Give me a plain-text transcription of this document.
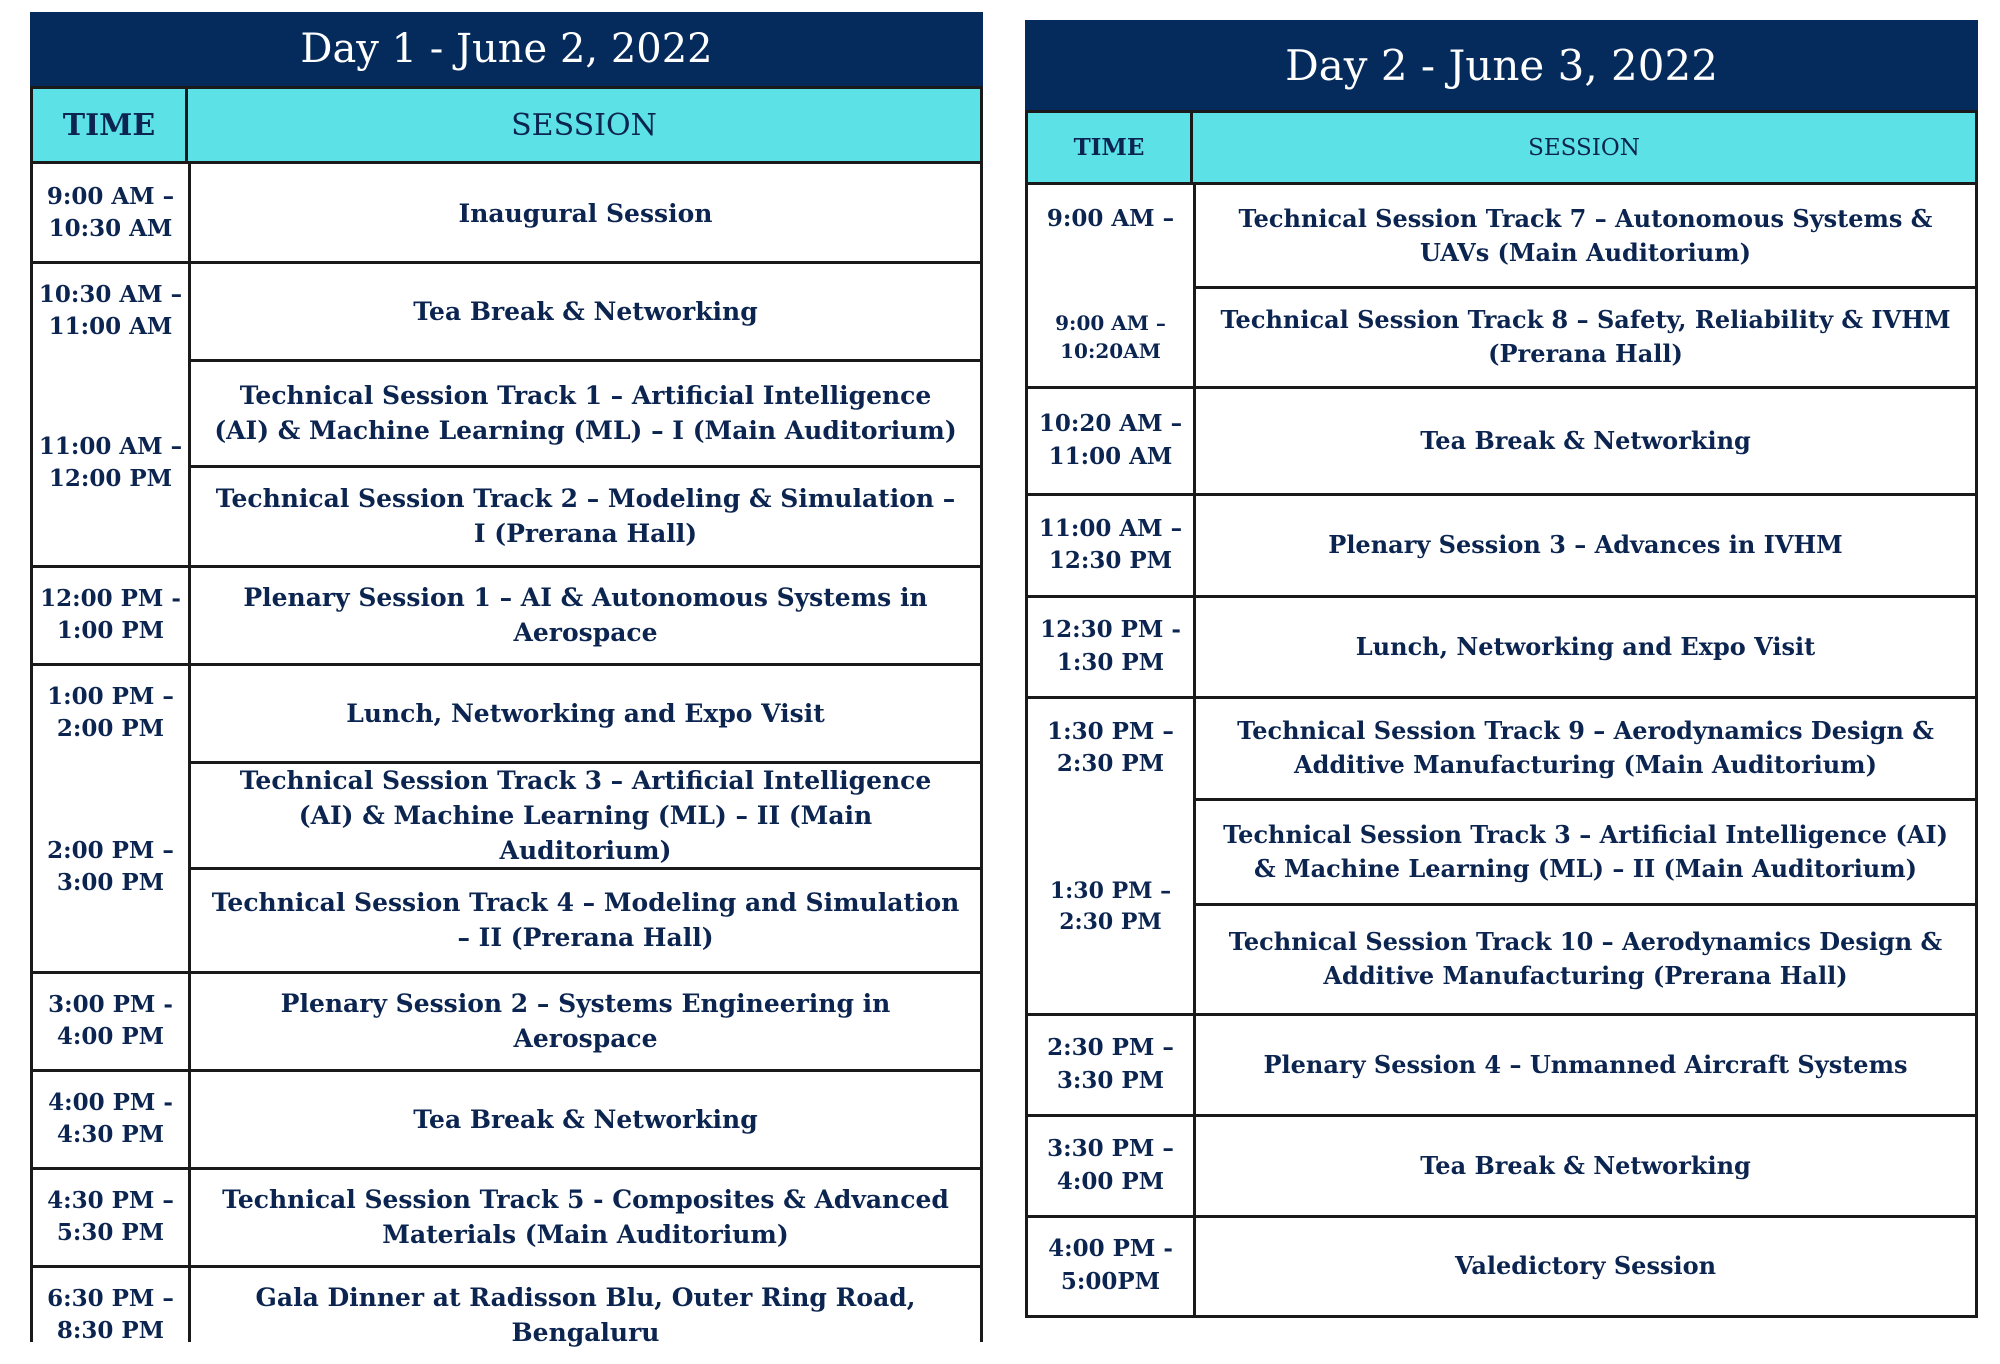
Day 1 - June 2, 2022
TIME	SESSION
9:00 AM – 10:30 AM
10:30 AM – 11:00 AM
11:00 AM – 12:00 PM
12:00 PM - 1:00 PM
1:00 PM – 2:00 PM
2:00 PM – 3:00 PM
3:00 PM - 4:00 PM
4:00 PM - 4:30 PM
4:30 PM – 5:30 PM
6:30 PM – 8:30 PM
Inaugural Session
Tea Break & Networking
Technical Session Track 1 – Artificial Intelligence (AI) & Machine Learning (ML) – I (Main Auditorium)
Technical Session Track 2 – Modeling & Simulation – I (Prerana Hall)
Plenary Session 1 – AI & Autonomous Systems in Aerospace
Lunch, Networking and Expo Visit
Technical Session Track 3 – Artificial Intelligence (AI) & Machine Learning (ML) – II (Main Auditorium)
Technical Session Track 4 – Modeling and Simulation – II (Prerana Hall)
Plenary Session 2 – Systems Engineering in Aerospace
Tea Break & Networking
Technical Session Track 5 - Composites & Advanced Materials (Main Auditorium)
Gala Dinner at Radisson Blu, Outer Ring Road, Bengaluru
Day 2 - June 3, 2022
TIME	SESSION
9:00 AM –
9:00 AM –10:20AM
10:20 AM – 11:00 AM
11:00 AM – 12:30 PM
12:30 PM - 1:30 PM
1:30 PM – 2:30 PM
1:30 PM – 2:30 PM
2:30 PM – 3:30 PM
3:30 PM – 4:00 PM
4:00 PM - 5:00PM
Technical Session Track 7 – Autonomous Systems & UAVs (Main Auditorium)
Technical Session Track 8 – Safety, Reliability & IVHM (Prerana Hall)
Tea Break & Networking
Plenary Session 3 – Advances in IVHM
Lunch, Networking and Expo Visit
Technical Session Track 9 – Aerodynamics Design & Additive Manufacturing (Main Auditorium)
Technical Session Track 3 – Artificial Intelligence (AI) & Machine Learning (ML) – II (Main Auditorium)
Technical Session Track 10 – Aerodynamics Design & Additive Manufacturing (Prerana Hall)
Plenary Session 4 – Unmanned Aircraft Systems
Tea Break & Networking
Valedictory Session
